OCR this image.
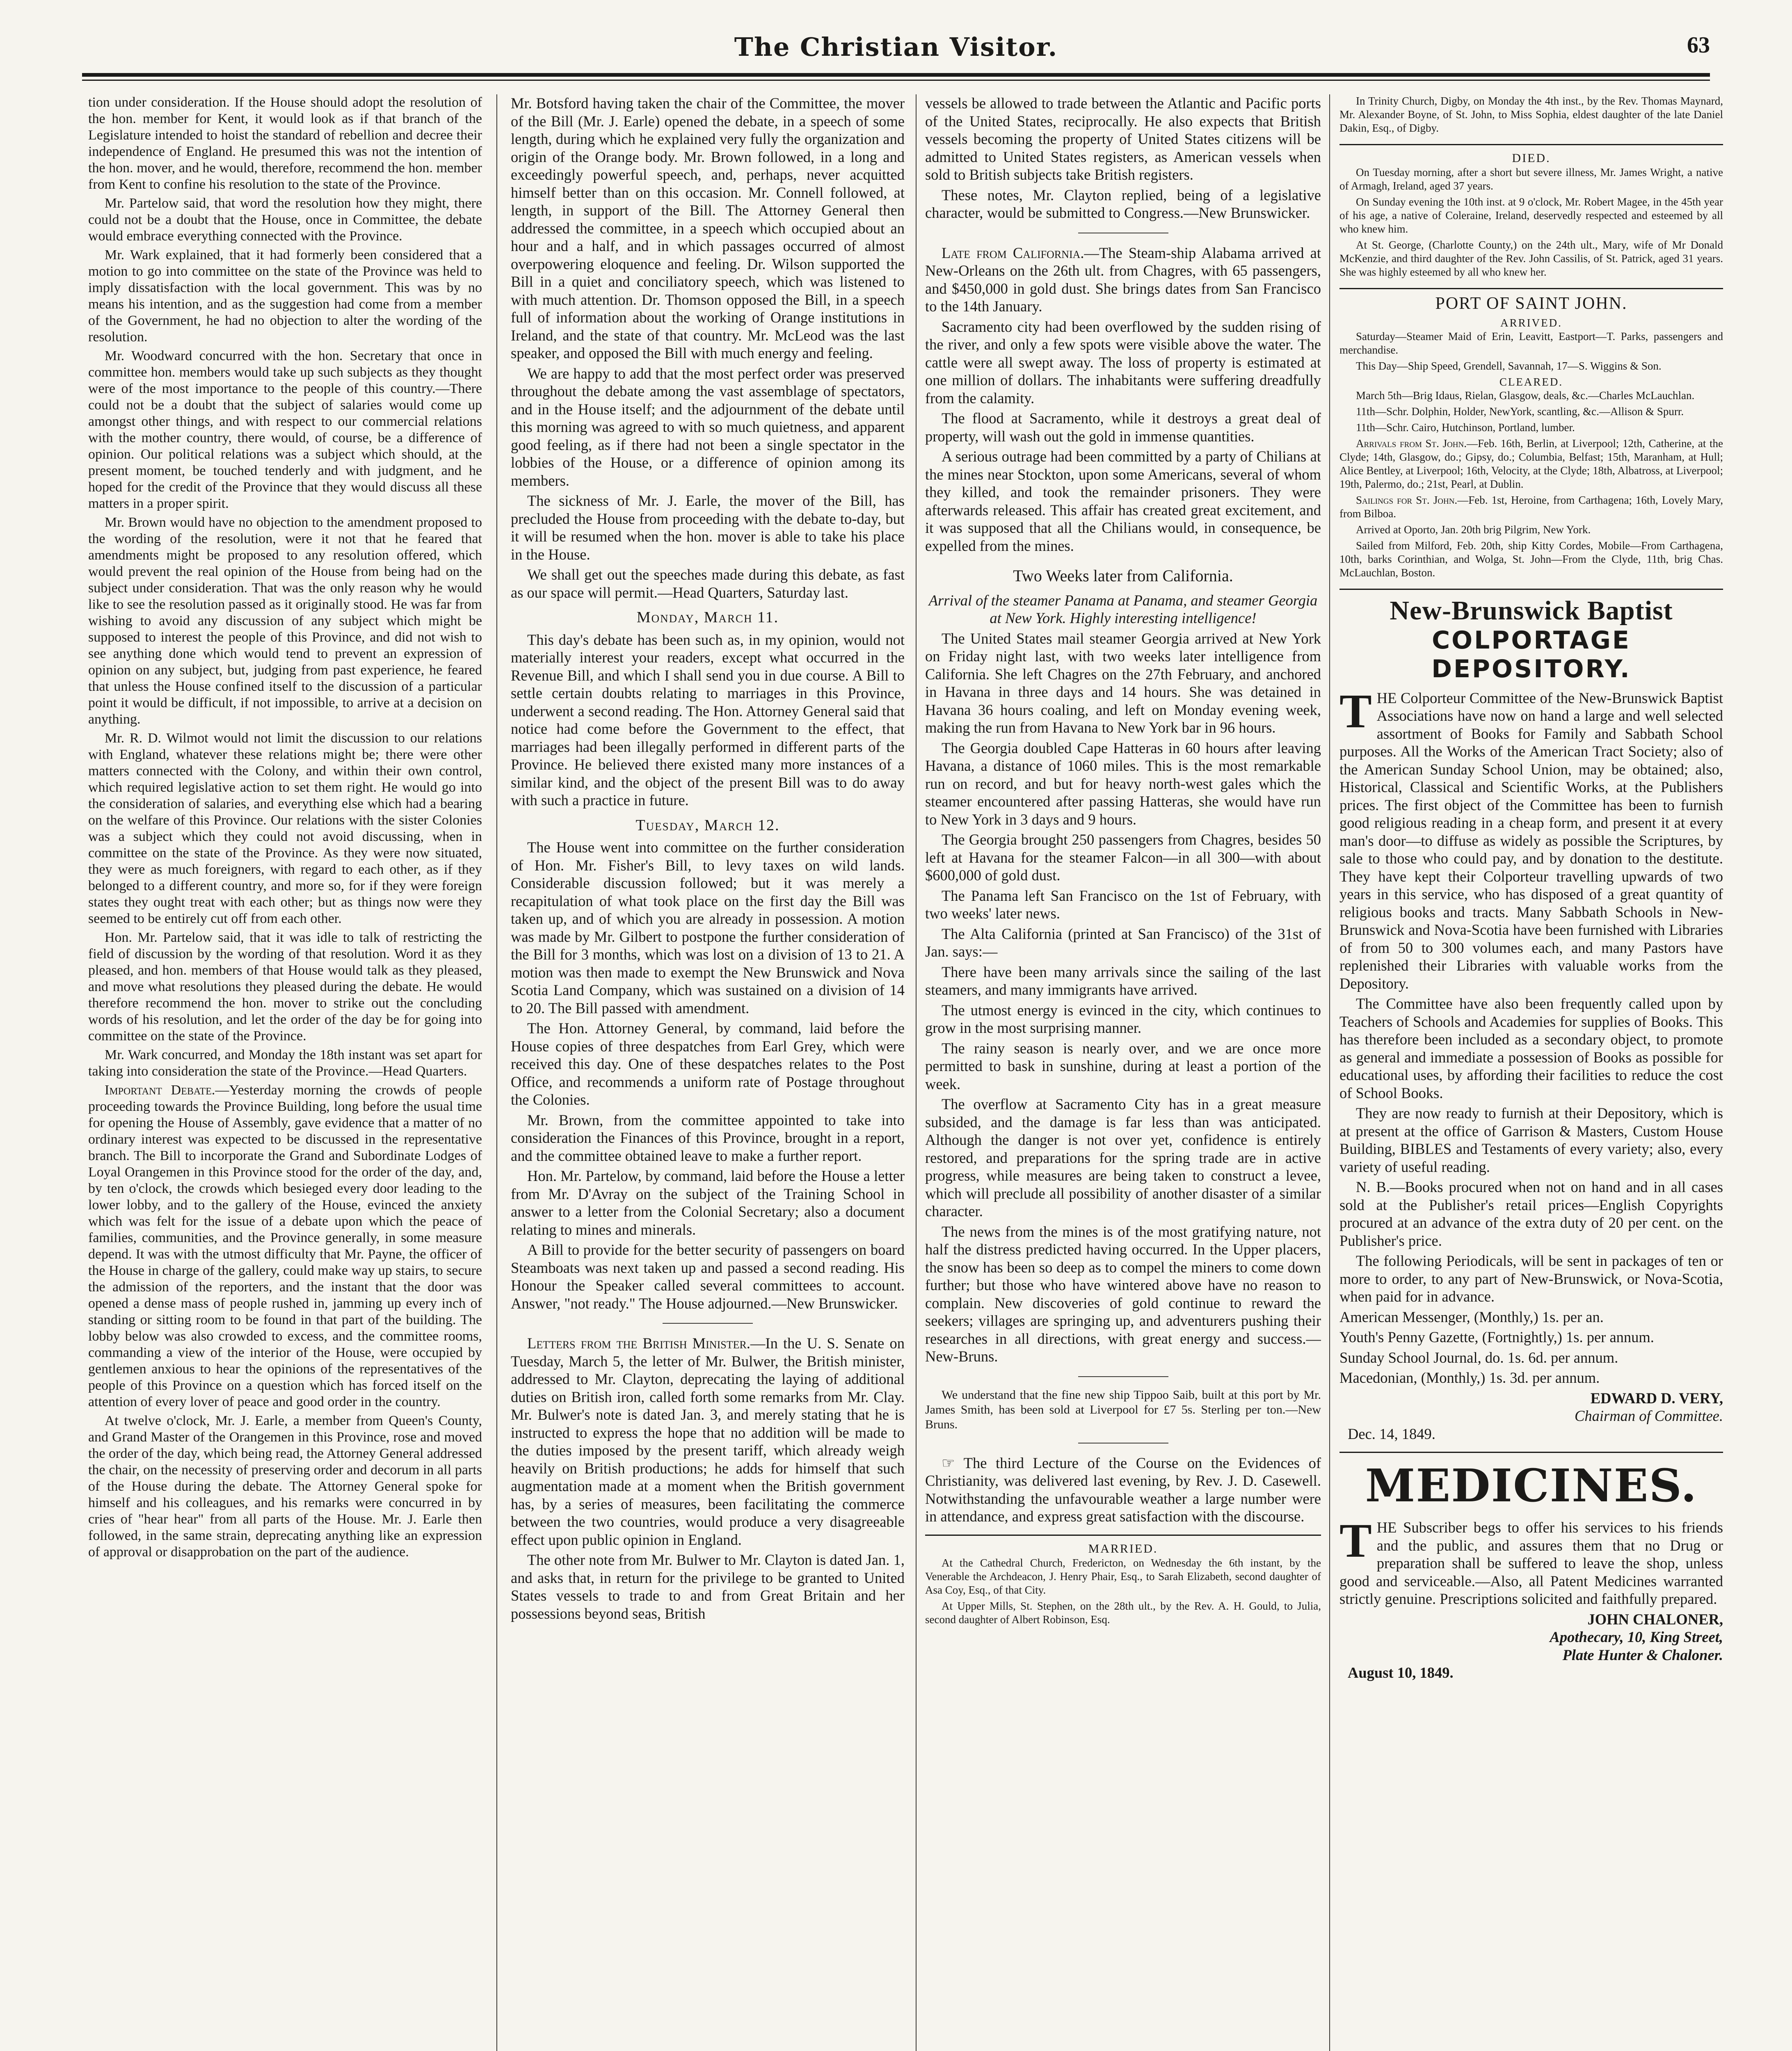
The Christian Visitor.	63

tion under consideration. If the House should adopt the resolution of the hon. member for Kent, it would look as if that branch of the Legislature intended to hoist the standard of rebellion and decree their independence of England. He presumed this was not the intention of the hon. mover, and he would, therefore, recommend the hon. member from Kent to confine his resolution to the state of the Province.

Mr. Partelow said, that word the resolution how they might, there could not be a doubt that the House, once in Committee, the debate would embrace everything connected with the Province.

Mr. Wark explained, that it had formerly been considered that a motion to go into committee on the state of the Province was held to imply dissatisfaction with the local government. This was by no means his intention, and as the suggestion had come from a member of the Government, he had no objection to alter the wording of the resolution.

Mr. Woodward concurred with the hon. Secretary that once in committee hon. members would take up such subjects as they thought were of the most importance to the people of this country.—There could not be a doubt that the subject of salaries would come up amongst other things, and with respect to our commercial relations with the mother country, there would, of course, be a difference of opinion. Our political relations was a subject which should, at the present moment, be touched tenderly and with judgment, and he hoped for the credit of the Province that they would discuss all these matters in a proper spirit.

Mr. Brown would have no objection to the amendment proposed to the wording of the resolution, were it not that he feared that amendments might be proposed to any resolution offered, which would prevent the real opinion of the House from being had on the subject under consideration. That was the only reason why he would like to see the resolution passed as it originally stood. He was far from wishing to avoid any discussion of any subject which might be supposed to interest the people of this Province, and did not wish to see anything done which would tend to prevent an expression of opinion on any subject, but, judging from past experience, he feared that unless the House confined itself to the discussion of a particular point it would be difficult, if not impossible, to arrive at a decision on anything.

Mr. R. D. Wilmot would not limit the discussion to our relations with England, whatever these relations might be; there were other matters connected with the Colony, and within their own control, which required legislative action to set them right. He would go into the consideration of salaries, and everything else which had a bearing on the welfare of this Province. Our relations with the sister Colonies was a subject which they could not avoid discussing, when in committee on the state of the Province. As they were now situated, they were as much foreigners, with regard to each other, as if they belonged to a different country, and more so, for if they were foreign states they ought treat with each other; but as things now were they seemed to be entirely cut off from each other.

Hon. Mr. Partelow said, that it was idle to talk of restricting the field of discussion by the wording of that resolution. Word it as they pleased, and hon. members of that House would talk as they pleased, and move what resolutions they pleased during the debate. He would therefore recommend the hon. mover to strike out the concluding words of his resolution, and let the order of the day be for going into committee on the state of the Province.

Mr. Wark concurred, and Monday the 18th instant was set apart for taking into consideration the state of the Province.—Head Quarters.

Important Debate.—Yesterday morning the crowds of people proceeding towards the Province Building, long before the usual time for opening the House of Assembly, gave evidence that a matter of no ordinary interest was expected to be discussed in the representative branch. The Bill to incorporate the Grand and Subordinate Lodges of Loyal Orangemen in this Province stood for the order of the day, and, by ten o'clock, the crowds which besieged every door leading to the lower lobby, and to the gallery of the House, evinced the anxiety which was felt for the issue of a debate upon which the peace of families, communities, and the Province generally, in some measure depend. It was with the utmost difficulty that Mr. Payne, the officer of the House in charge of the gallery, could make way up stairs, to secure the admission of the reporters, and the instant that the door was opened a dense mass of people rushed in, jamming up every inch of standing or sitting room to be found in that part of the building. The lobby below was also crowded to excess, and the committee rooms, commanding a view of the interior of the House, were occupied by gentlemen anxious to hear the opinions of the representatives of the people of this Province on a question which has forced itself on the attention of every lover of peace and good order in the country.

At twelve o'clock, Mr. J. Earle, a member from Queen's County, and Grand Master of the Orangemen in this Province, rose and moved the order of the day, which being read, the Attorney General addressed the chair, on the necessity of preserving order and decorum in all parts of the House during the debate. The Attorney General spoke for himself and his colleagues, and his remarks were concurred in by cries of "hear hear" from all parts of the House. Mr. J. Earle then followed, in the same strain, deprecating anything like an expression of approval or disapprobation on the part of the audience.

Mr. Botsford having taken the chair of the Committee, the mover of the Bill (Mr. J. Earle) opened the debate, in a speech of some length, during which he explained very fully the organization and origin of the Orange body. Mr. Brown followed, in a long and exceedingly powerful speech, and, perhaps, never acquitted himself better than on this occasion. Mr. Connell followed, at length, in support of the Bill. The Attorney General then addressed the committee, in a speech which occupied about an hour and a half, and in which passages occurred of almost overpowering eloquence and feeling. Dr. Wilson supported the Bill in a quiet and conciliatory speech, which was listened to with much attention. Dr. Thomson opposed the Bill, in a speech full of information about the working of Orange institutions in Ireland, and the state of that country. Mr. McLeod was the last speaker, and opposed the Bill with much energy and feeling.

We are happy to add that the most perfect order was preserved throughout the debate among the vast assemblage of spectators, and in the House itself; and the adjournment of the debate until this morning was agreed to with so much quietness, and apparent good feeling, as if there had not been a single spectator in the lobbies of the House, or a difference of opinion among its members.

The sickness of Mr. J. Earle, the mover of the Bill, has precluded the House from proceeding with the debate to-day, but it will be resumed when the hon. mover is able to take his place in the House.

We shall get out the speeches made during this debate, as fast as our space will permit.—Head Quarters, Saturday last.

Monday, March 11.

This day's debate has been such as, in my opinion, would not materially interest your readers, except what occurred in the Revenue Bill, and which I shall send you in due course. A Bill to settle certain doubts relating to marriages in this Province, underwent a second reading. The Hon. Attorney General said that notice had come before the Government to the effect, that marriages had been illegally performed in different parts of the Province. He believed there existed many more instances of a similar kind, and the object of the present Bill was to do away with such a practice in future.

Tuesday, March 12.

The House went into committee on the further consideration of Hon. Mr. Fisher's Bill, to levy taxes on wild lands. Considerable discussion followed; but it was merely a recapitulation of what took place on the first day the Bill was taken up, and of which you are already in possession. A motion was made by Mr. Gilbert to postpone the further consideration of the Bill for 3 months, which was lost on a division of 13 to 21. A motion was then made to exempt the New Brunswick and Nova Scotia Land Company, which was sustained on a division of 14 to 20. The Bill passed with amendment.

The Hon. Attorney General, by command, laid before the House copies of three despatches from Earl Grey, which were received this day. One of these despatches relates to the Post Office, and recommends a uniform rate of Postage throughout the Colonies.

Mr. Brown, from the committee appointed to take into consideration the Finances of this Province, brought in a report, and the committee obtained leave to make a further report.

Hon. Mr. Partelow, by command, laid before the House a letter from Mr. D'Avray on the subject of the Training School in answer to a letter from the Colonial Secretary; also a document relating to mines and minerals.

A Bill to provide for the better security of passengers on board Steamboats was next taken up and passed a second reading. His Honour the Speaker called several committees to account. Answer, "not ready." The House adjourned.—New Brunswicker.

Letters from the British Minister.—In the U. S. Senate on Tuesday, March 5, the letter of Mr. Bulwer, the British minister, addressed to Mr. Clayton, deprecating the laying of additional duties on British iron, called forth some remarks from Mr. Clay. Mr. Bulwer's note is dated Jan. 3, and merely stating that he is instructed to express the hope that no addition will be made to the duties imposed by the present tariff, which already weigh heavily on British productions; he adds for himself that such augmentation made at a moment when the British government has, by a series of measures, been facilitating the commerce between the two countries, would produce a very disagreeable effect upon public opinion in England.

The other note from Mr. Bulwer to Mr. Clayton is dated Jan. 1, and asks that, in return for the privilege to be granted to United States vessels to trade to and from Great Britain and her possessions beyond seas, British

vessels be allowed to trade between the Atlantic and Pacific ports of the United States, reciprocally. He also expects that British vessels becoming the property of United States citizens will be admitted to United States registers, as American vessels when sold to British subjects take British registers.

These notes, Mr. Clayton replied, being of a legislative character, would be submitted to Congress.—New Brunswicker.

Late from California.—The Steam-ship Alabama arrived at New-Orleans on the 26th ult. from Chagres, with 65 passengers, and $450,000 in gold dust. She brings dates from San Francisco to the 14th January.

Sacramento city had been overflowed by the sudden rising of the river, and only a few spots were visible above the water. The cattle were all swept away. The loss of property is estimated at one million of dollars. The inhabitants were suffering dreadfully from the calamity.

The flood at Sacramento, while it destroys a great deal of property, will wash out the gold in immense quantities.

A serious outrage had been committed by a party of Chilians at the mines near Stockton, upon some Americans, several of whom they killed, and took the remainder prisoners. They were afterwards released. This affair has created great excitement, and it was supposed that all the Chilians would, in consequence, be expelled from the mines.

Two Weeks later from California.

Arrival of the steamer Panama at Panama, and steamer Georgia at New York. Highly interesting intelligence!

The United States mail steamer Georgia arrived at New York on Friday night last, with two weeks later intelligence from California. She left Chagres on the 27th February, and anchored in Havana in three days and 14 hours. She was detained in Havana 36 hours coaling, and left on Monday evening week, making the run from Havana to New York bar in 96 hours.

The Georgia doubled Cape Hatteras in 60 hours after leaving Havana, a distance of 1060 miles. This is the most remarkable run on record, and but for heavy north-west gales which the steamer encountered after passing Hatteras, she would have run to New York in 3 days and 9 hours.

The Georgia brought 250 passengers from Chagres, besides 50 left at Havana for the steamer Falcon—in all 300—with about $600,000 of gold dust.

The Panama left San Francisco on the 1st of February, with two weeks' later news.

The Alta California (printed at San Francisco) of the 31st of Jan. says:—

There have been many arrivals since the sailing of the last steamers, and many immigrants have arrived.

The utmost energy is evinced in the city, which continues to grow in the most surprising manner.

The rainy season is nearly over, and we are once more permitted to bask in sunshine, during at least a portion of the week.

The overflow at Sacramento City has in a great measure subsided, and the damage is far less than was anticipated. Although the danger is not over yet, confidence is entirely restored, and preparations for the spring trade are in active progress, while measures are being taken to construct a levee, which will preclude all possibility of another disaster of a similar character.

The news from the mines is of the most gratifying nature, not half the distress predicted having occurred. In the Upper placers, the snow has been so deep as to compel the miners to come down further; but those who have wintered above have no reason to complain. New discoveries of gold continue to reward the seekers; villages are springing up, and adventurers pushing their researches in all directions, with great energy and success.—New-Bruns.

We understand that the fine new ship Tippoo Saib, built at this port by Mr. James Smith, has been sold at Liverpool for £7 5s. Sterling per ton.—New Bruns.

☞ The third Lecture of the Course on the Evidences of Christianity, was delivered last evening, by Rev. J. D. Casewell. Notwithstanding the unfavourable weather a large number were in attendance, and express great satisfaction with the discourse.

MARRIED.

At the Cathedral Church, Fredericton, on Wednesday the 6th instant, by the Venerable the Archdeacon, J. Henry Phair, Esq., to Sarah Elizabeth, second daughter of Asa Coy, Esq., of that City.

At Upper Mills, St. Stephen, on the 28th ult., by the Rev. A. H. Gould, to Julia, second daughter of Albert Robinson, Esq.

In Trinity Church, Digby, on Monday the 4th inst., by the Rev. Thomas Maynard, Mr. Alexander Boyne, of St. John, to Miss Sophia, eldest daughter of the late Daniel Dakin, Esq., of Digby.

DIED.

On Tuesday morning, after a short but severe illness, Mr. James Wright, a native of Armagh, Ireland, aged 37 years.

On Sunday evening the 10th inst. at 9 o'clock, Mr. Robert Magee, in the 45th year of his age, a native of Coleraine, Ireland, deservedly respected and esteemed by all who knew him.

At St. George, (Charlotte County,) on the 24th ult., Mary, wife of Mr Donald McKenzie, and third daughter of the Rev. John Cassilis, of St. Patrick, aged 31 years. She was highly esteemed by all who knew her.

PORT OF SAINT JOHN.
ARRIVED.

Saturday—Steamer Maid of Erin, Leavitt, Eastport—T. Parks, passengers and merchandise.

This Day—Ship Speed, Grendell, Savannah, 17—S. Wiggins & Son.

CLEARED.

March 5th—Brig Idaus, Rielan, Glasgow, deals, &c.—Charles McLauchlan.

11th—Schr. Dolphin, Holder, NewYork, scantling, &c.—Allison & Spurr.

11th—Schr. Cairo, Hutchinson, Portland, lumber.

Arrivals from St. John.—Feb. 16th, Berlin, at Liverpool; 12th, Catherine, at the Clyde; 14th, Glasgow, do.; Gipsy, do.; Columbia, Belfast; 15th, Maranham, at Hull; Alice Bentley, at Liverpool; 16th, Velocity, at the Clyde; 18th, Albatross, at Liverpool; 19th, Palermo, do.; 21st, Pearl, at Dublin.

Sailings for St. John.—Feb. 1st, Heroine, from Carthagena; 16th, Lovely Mary, from Bilboa.

Arrived at Oporto, Jan. 20th brig Pilgrim, New York.

Sailed from Milford, Feb. 20th, ship Kitty Cordes, Mobile—From Carthagena, 10th, barks Corinthian, and Wolga, St. John—From the Clyde, 11th, brig Chas. McLauchlan, Boston.

New-Brunswick Baptist
COLPORTAGE DEPOSITORY.

THE Colporteur Committee of the New-Brunswick Baptist Associations have now on hand a large and well selected assortment of Books for Family and Sabbath School purposes. All the Works of the American Tract Society; also of the American Sunday School Union, may be obtained; also, Historical, Classical and Scientific Works, at the Publishers prices. The first object of the Committee has been to furnish good religious reading in a cheap form, and present it at every man's door—to diffuse as widely as possible the Scriptures, by sale to those who could pay, and by donation to the destitute. They have kept their Colporteur travelling upwards of two years in this service, who has disposed of a great quantity of religious books and tracts. Many Sabbath Schools in New-Brunswick and Nova-Scotia have been furnished with Libraries of from 50 to 300 volumes each, and many Pastors have replenished their Libraries with valuable works from the Depository.

The Committee have also been frequently called upon by Teachers of Schools and Academies for supplies of Books. This has therefore been included as a secondary object, to promote as general and immediate a possession of Books as possible for educational uses, by affording their facilities to reduce the cost of School Books.

They are now ready to furnish at their Depository, which is at present at the office of Garrison & Masters, Custom House Building, BIBLES and Testaments of every variety; also, every variety of useful reading.

N. B.—Books procured when not on hand and in all cases sold at the Publisher's retail prices—English Copyrights procured at an advance of the extra duty of 20 per cent. on the Publisher's price.

The following Periodicals, will be sent in packages of ten or more to order, to any part of New-Brunswick, or Nova-Scotia, when paid for in advance.

American Messenger, (Monthly,) 1s. per an.

Youth's Penny Gazette, (Fortnightly,) 1s. per annum.

Sunday School Journal, do. 1s. 6d. per annum.

Macedonian, (Monthly,) 1s. 3d. per annum.

EDWARD D. VERY,
Chairman of Committee.
Dec. 14, 1849.
MEDICINES.

THE Subscriber begs to offer his services to his friends and the public, and assures them that no Drug or preparation shall be suffered to leave the shop, unless good and serviceable.—Also, all Patent Medicines warranted strictly genuine. Prescriptions solicited and faithfully prepared.

JOHN CHALONER,
Apothecary, 10, King Street,
Plate Hunter & Chaloner.
August 10, 1849.
